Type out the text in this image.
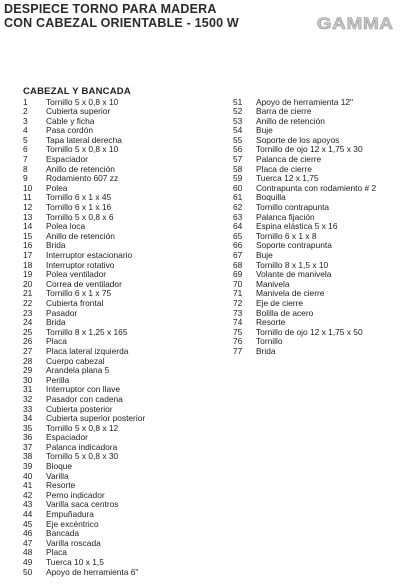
DESPIECE TORNO PARA MADERA
CON CABEZAL ORIENTABLE - 1500 W	GAMMA
CABEZAL Y BANCADA
1	Tornillo 5 x 0,8 x 10
2	Cubierta superior
3	Cable y ficha
4	Pasa cordón
5	Tapa lateral derecha
6	Tornillo 5 x 0,8 x 10
7	Espaciador
8	Anillo de retención
9	Rodamiento 607 zz
10	Polea
11	Tornillo 6 x 1 x 45
12	Tornillo 6 x 1 x 16
13	Tornillo 5 x 0,8 x 6
14	Polea loca
15	Anillo de retención
16	Brida
17	Interruptor estacionario
18	Interruptor rotativo
19	Polea ventilador
20	Correa de ventilador
21	Tornillo 6 x 1 x 75
22	Cubierta frontal
23	Pasador
24	Brida
25	Tornillo 8 x 1,25 x 165
26	Placa
27	Placa lateral izquierda
28	Cuerpo cabezal
29	Arandela plana 5
30	Perilla
31	Interruptor con llave
32	Pasador con cadena
33	Cubierta posterior
34	Cubierta superior posterior
35	Tornillo 5 x 0,8 x 12
36	Espaciador
37	Palanca indicadora
38	Tornillo 5 x 0,8 x 30
39	Bloque
40	Varilla
41	Resorte
42	Perno indicador
43	Varilla saca centros
44	Empuñadura
45	Eje excéntrico
46	Bancada
47	Varilla roscada
48	Placa
49	Tuerca 10 x 1,5
50	Apoyo de herramienta 6"
51	Apoyo de herramienta 12"
52	Barra de cierre
53	Anillo de retención
54	Buje
55	Soporte de los apoyos
56	Tornillo de ojo 12 x 1,75 x 30
57	Palanca de cierre
58	Placa de cierre
59	Tuerca 12 x 1,75
60	Contrapunta con rodamiento # 2
61	Boquilla
62	Tornillo contrapunta
63	Palanca fijación
64	Espina elástica 5 x 16
65	Tornillo 6 x 1 x 8
66	Soporte contrapunta
67	Buje
68	Tornillo 8 x 1,5 x 10
69	Volante de manivela
70	Manivela
71	Manivela de cierre
72	Eje de cierre
73	Bolilla de acero
74	Resorte
75	Tornillo de ojo 12 x 1,75 x 50
76	Tornillo
77	Brida
